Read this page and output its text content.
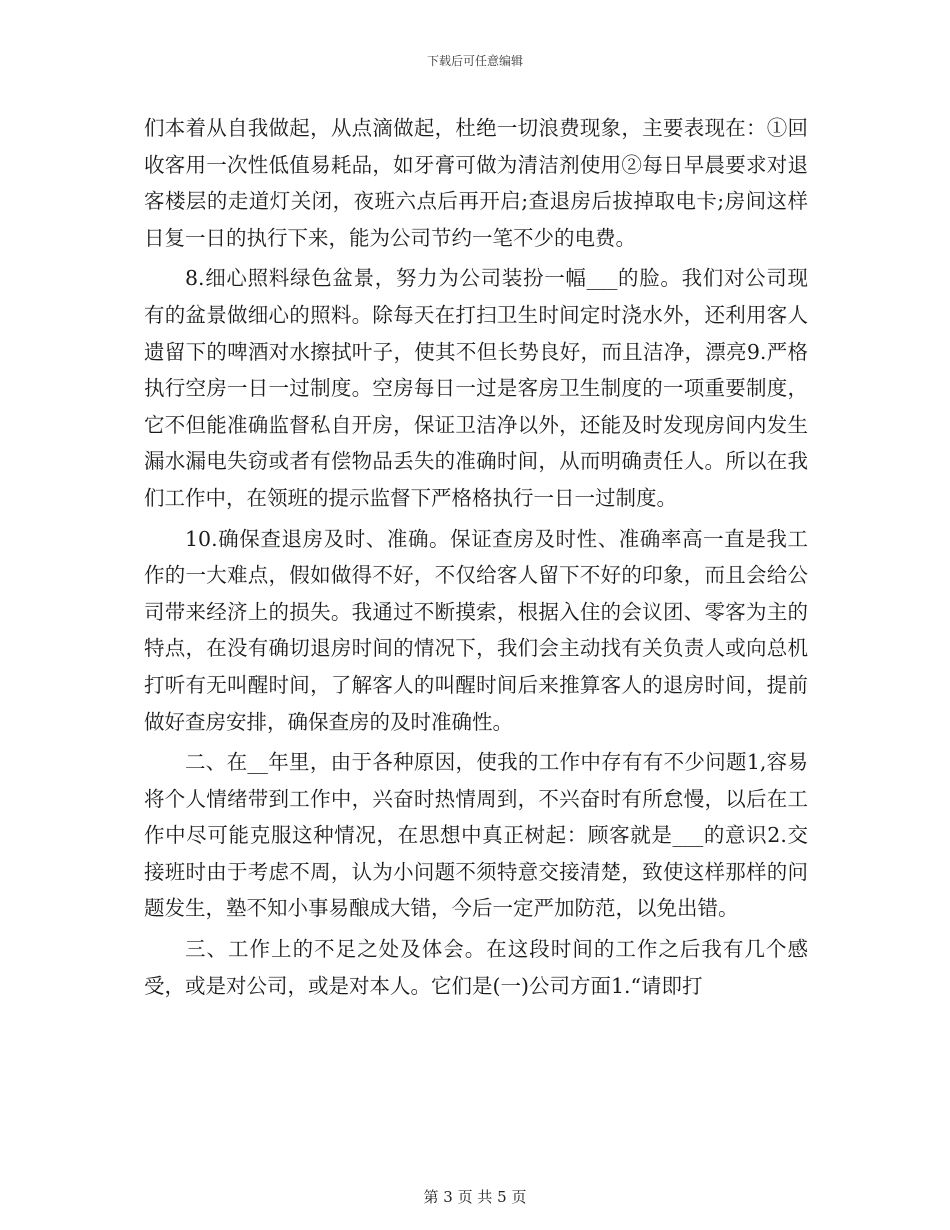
下载后可任意编辑

们本着从自我做起，从点滴做起，杜绝一切浪费现象，主要表现在：①回收客用一次性低值易耗品，如牙膏可做为清洁剂使用②每日早晨要求对退客楼层的走道灯关闭，夜班六点后再开启;查退房后拔掉取电卡;房间这样日复一日的执行下来，能为公司节约一笔不少的电费。

8.细心照料绿色盆景，努力为公司装扮一幅___的脸。我们对公司现有的盆景做细心的照料。除每天在打扫卫生时间定时浇水外，还利用客人遗留下的啤酒对水擦拭叶子，使其不但长势良好，而且洁净，漂亮9.严格执行空房一日一过制度。空房每日一过是客房卫生制度的一项重要制度，它不但能准确监督私自开房，保证卫洁净以外，还能及时发现房间内发生漏水漏电失窃或者有偿物品丢失的准确时间，从而明确责任人。所以在我们工作中，在领班的提示监督下严格格执行一日一过制度。

10.确保查退房及时、准确。保证查房及时性、准确率高一直是我工作的一大难点，假如做得不好，不仅给客人留下不好的印象，而且会给公司带来经济上的损失。我通过不断摸索，根据入住的会议团、零客为主的特点，在没有确切退房时间的情况下，我们会主动找有关负责人或向总机打听有无叫醒时间，了解客人的叫醒时间后来推算客人的退房时间，提前做好查房安排，确保查房的及时准确性。

二、在__年里，由于各种原因，使我的工作中存有有不少问题1,容易将个人情绪带到工作中，兴奋时热情周到，不兴奋时有所怠慢，以后在工作中尽可能克服这种情况，在思想中真正树起：顾客就是___的意识2.交接班时由于考虑不周，认为小问题不须特意交接清楚，致使这样那样的问题发生，塾不知小事易酿成大错，今后一定严加防范，以免出错。

三、工作上的不足之处及体会。在这段时间的工作之后我有几个感受，或是对公司，或是对本人。它们是(一)公司方面1.“请即打

第 3 页 共 5 页
